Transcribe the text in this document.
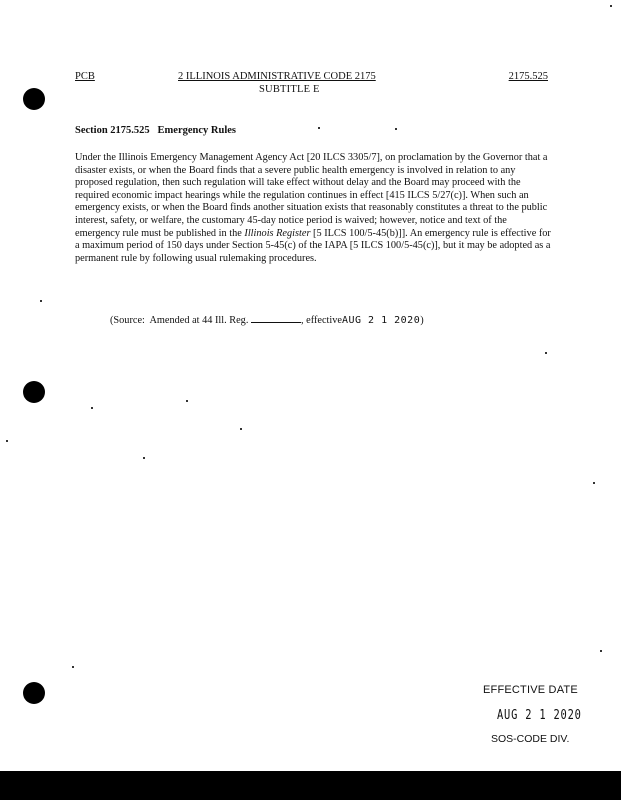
PCB	2 ILLINOIS ADMINISTRATIVE CODE 2175	2175.525
SUBTITLE E
Section 2175.525   Emergency Rules
Under the Illinois Emergency Management Agency Act [20 ILCS 3305/7], on proclamation by the Governor that a disaster exists, or when the Board finds that a severe public health emergency is involved in relation to any proposed regulation, then such regulation will take effect without delay and the Board may proceed with the required economic impact hearings while the regulation continues in effect [415 ILCS 5/27(c)]. When such an emergency exists, or when the Board finds another situation exists that reasonably constitutes a threat to the public interest, safety, or welfare, the customary 45-day notice period is waived; however, notice and text of the emergency rule must be published in the Illinois Register [5 ILCS 100/5-45(b)]]. An emergency rule is effective for a maximum period of 150 days under Section 5-45(c) of the IAPA [5 ILCS 100/5-45(c)], but it may be adopted as a permanent rule by following usual rulemaking procedures.
(Source:  Amended at 44 Ill. Reg.	, effectiveAUG 2 1 2020)
EFFECTIVE DATE
AUG 2 1 2020
SOS-CODE DIV.
